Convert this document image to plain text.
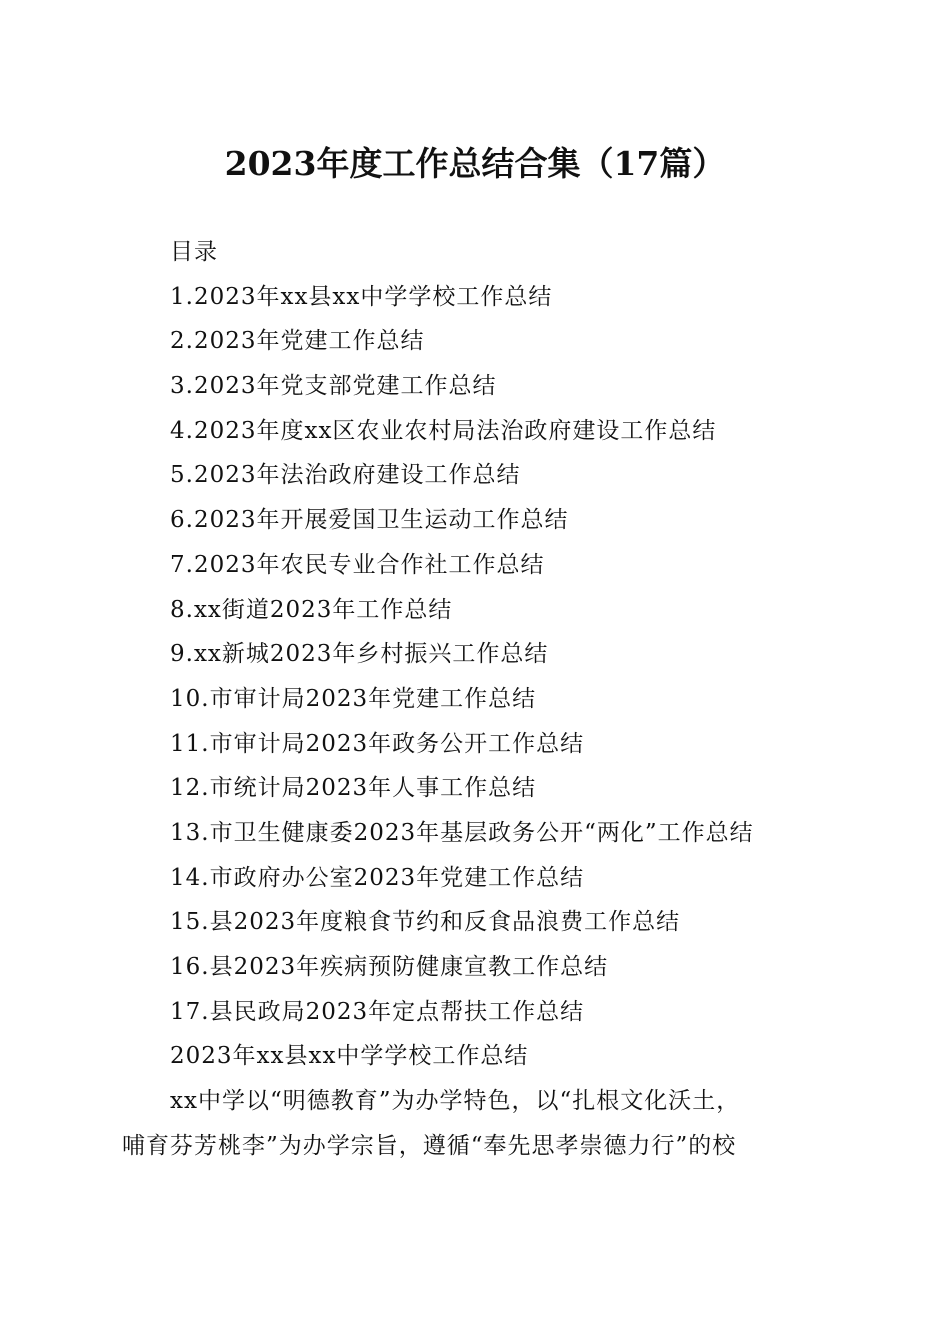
2023年度工作总结合集（17篇）
目录
1.2023年xx县xx中学学校工作总结
2.2023年党建工作总结
3.2023年党支部党建工作总结
4.2023年度xx区农业农村局法治政府建设工作总结
5.2023年法治政府建设工作总结
6.2023年开展爱国卫生运动工作总结
7.2023年农民专业合作社工作总结
8.xx街道2023年工作总结
9.xx新城2023年乡村振兴工作总结
10.市审计局2023年党建工作总结
11.市审计局2023年政务公开工作总结
12.市统计局2023年人事工作总结
13.市卫生健康委2023年基层政务公开“两化”工作总结
14.市政府办公室2023年党建工作总结
15.县2023年度粮食节约和反食品浪费工作总结
16.县2023年疾病预防健康宣教工作总结
17.县民政局2023年定点帮扶工作总结
2023年xx县xx中学学校工作总结
xx中学以“明德教育”为办学特色，以“扎根文化沃土，
哺育芬芳桃李”为办学宗旨，遵循“奉先思孝崇德力行”的校
